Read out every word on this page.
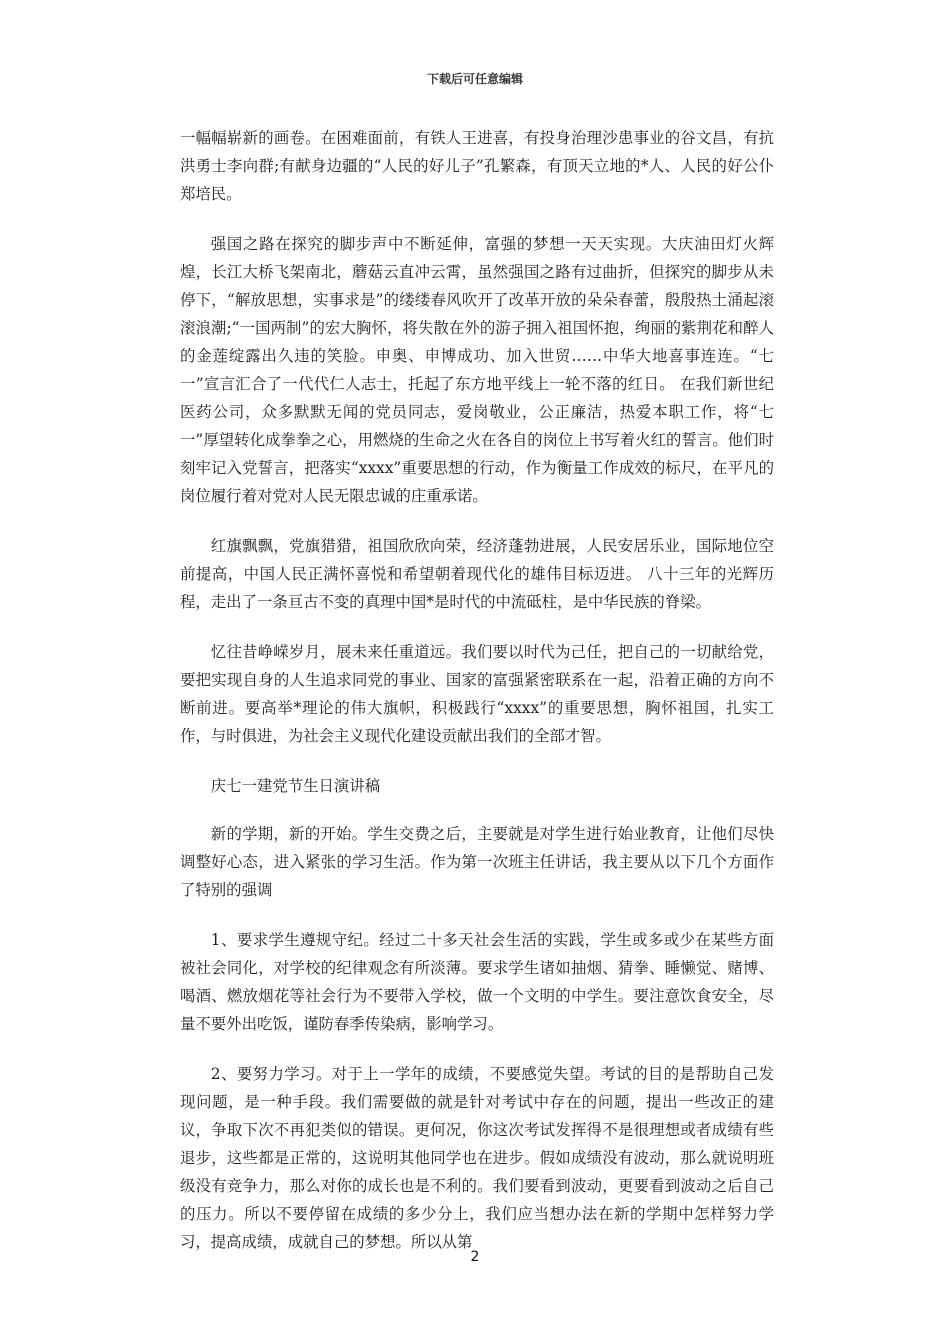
下载后可任意编辑

一幅幅崭新的画卷。在困难面前，有铁人王进喜，有投身治理沙患事业的谷文昌，有抗洪勇士李向群;有献身边疆的“人民的好儿子”孔繁森，有顶天立地的*人、人民的好公仆郑培民。

强国之路在探究的脚步声中不断延伸，富强的梦想一天天实现。大庆油田灯火辉煌，长江大桥飞架南北，蘑菇云直冲云霄，虽然强国之路有过曲折，但探究的脚步从未停下，“解放思想，实事求是”的缕缕春风吹开了改革开放的朵朵春蕾，殷殷热土涌起滚滚浪潮;“一国两制”的宏大胸怀，将失散在外的游子拥入祖国怀抱，绚丽的紫荆花和醉人的金莲绽露出久违的笑脸。申奥、申博成功、加入世贸……中华大地喜事连连。“七一”宣言汇合了一代代仁人志士，托起了东方地平线上一轮不落的红日。 在我们新世纪医药公司，众多默默无闻的党员同志，爱岗敬业，公正廉洁，热爱本职工作，将“七一”厚望转化成拳拳之心，用燃烧的生命之火在各自的岗位上书写着火红的誓言。他们时刻牢记入党誓言，把落实“xxxx”重要思想的行动，作为衡量工作成效的标尺，在平凡的岗位履行着对党对人民无限忠诚的庄重承诺。

红旗飘飘，党旗猎猎，祖国欣欣向荣，经济蓬勃进展，人民安居乐业，国际地位空前提高，中国人民正满怀喜悦和希望朝着现代化的雄伟目标迈进。 八十三年的光辉历程，走出了一条亘古不变的真理中国*是时代的中流砥柱，是中华民族的脊梁。

忆往昔峥嵘岁月，展未来任重道远。我们要以时代为己任，把自己的一切献给党，要把实现自身的人生追求同党的事业、国家的富强紧密联系在一起，沿着正确的方向不断前进。要高举*理论的伟大旗帜，积极践行“xxxx”的重要思想，胸怀祖国，扎实工作，与时俱进，为社会主义现代化建设贡献出我们的全部才智。

庆七一建党节生日演讲稿

新的学期，新的开始。学生交费之后，主要就是对学生进行始业教育，让他们尽快调整好心态，进入紧张的学习生活。作为第一次班主任讲话，我主要从以下几个方面作了特别的强调

1、要求学生遵规守纪。经过二十多天社会生活的实践，学生或多或少在某些方面被社会同化，对学校的纪律观念有所淡薄。要求学生诸如抽烟、猜拳、睡懒觉、赌博、喝酒、燃放烟花等社会行为不要带入学校，做一个文明的中学生。要注意饮食安全，尽量不要外出吃饭，谨防春季传染病，影响学习。

2、要努力学习。对于上一学年的成绩，不要感觉失望。考试的目的是帮助自己发现问题，是一种手段。我们需要做的就是针对考试中存在的问题，提出一些改正的建议，争取下次不再犯类似的错误。更何况，你这次考试发挥得不是很理想或者成绩有些退步，这些都是正常的，这说明其他同学也在进步。假如成绩没有波动，那么就说明班级没有竞争力，那么对你的成长也是不利的。我们要看到波动，更要看到波动之后自己的压力。所以不要停留在成绩的多少分上，我们应当想办法在新的学期中怎样努力学习，提高成绩，成就自己的梦想。所以从第

2
